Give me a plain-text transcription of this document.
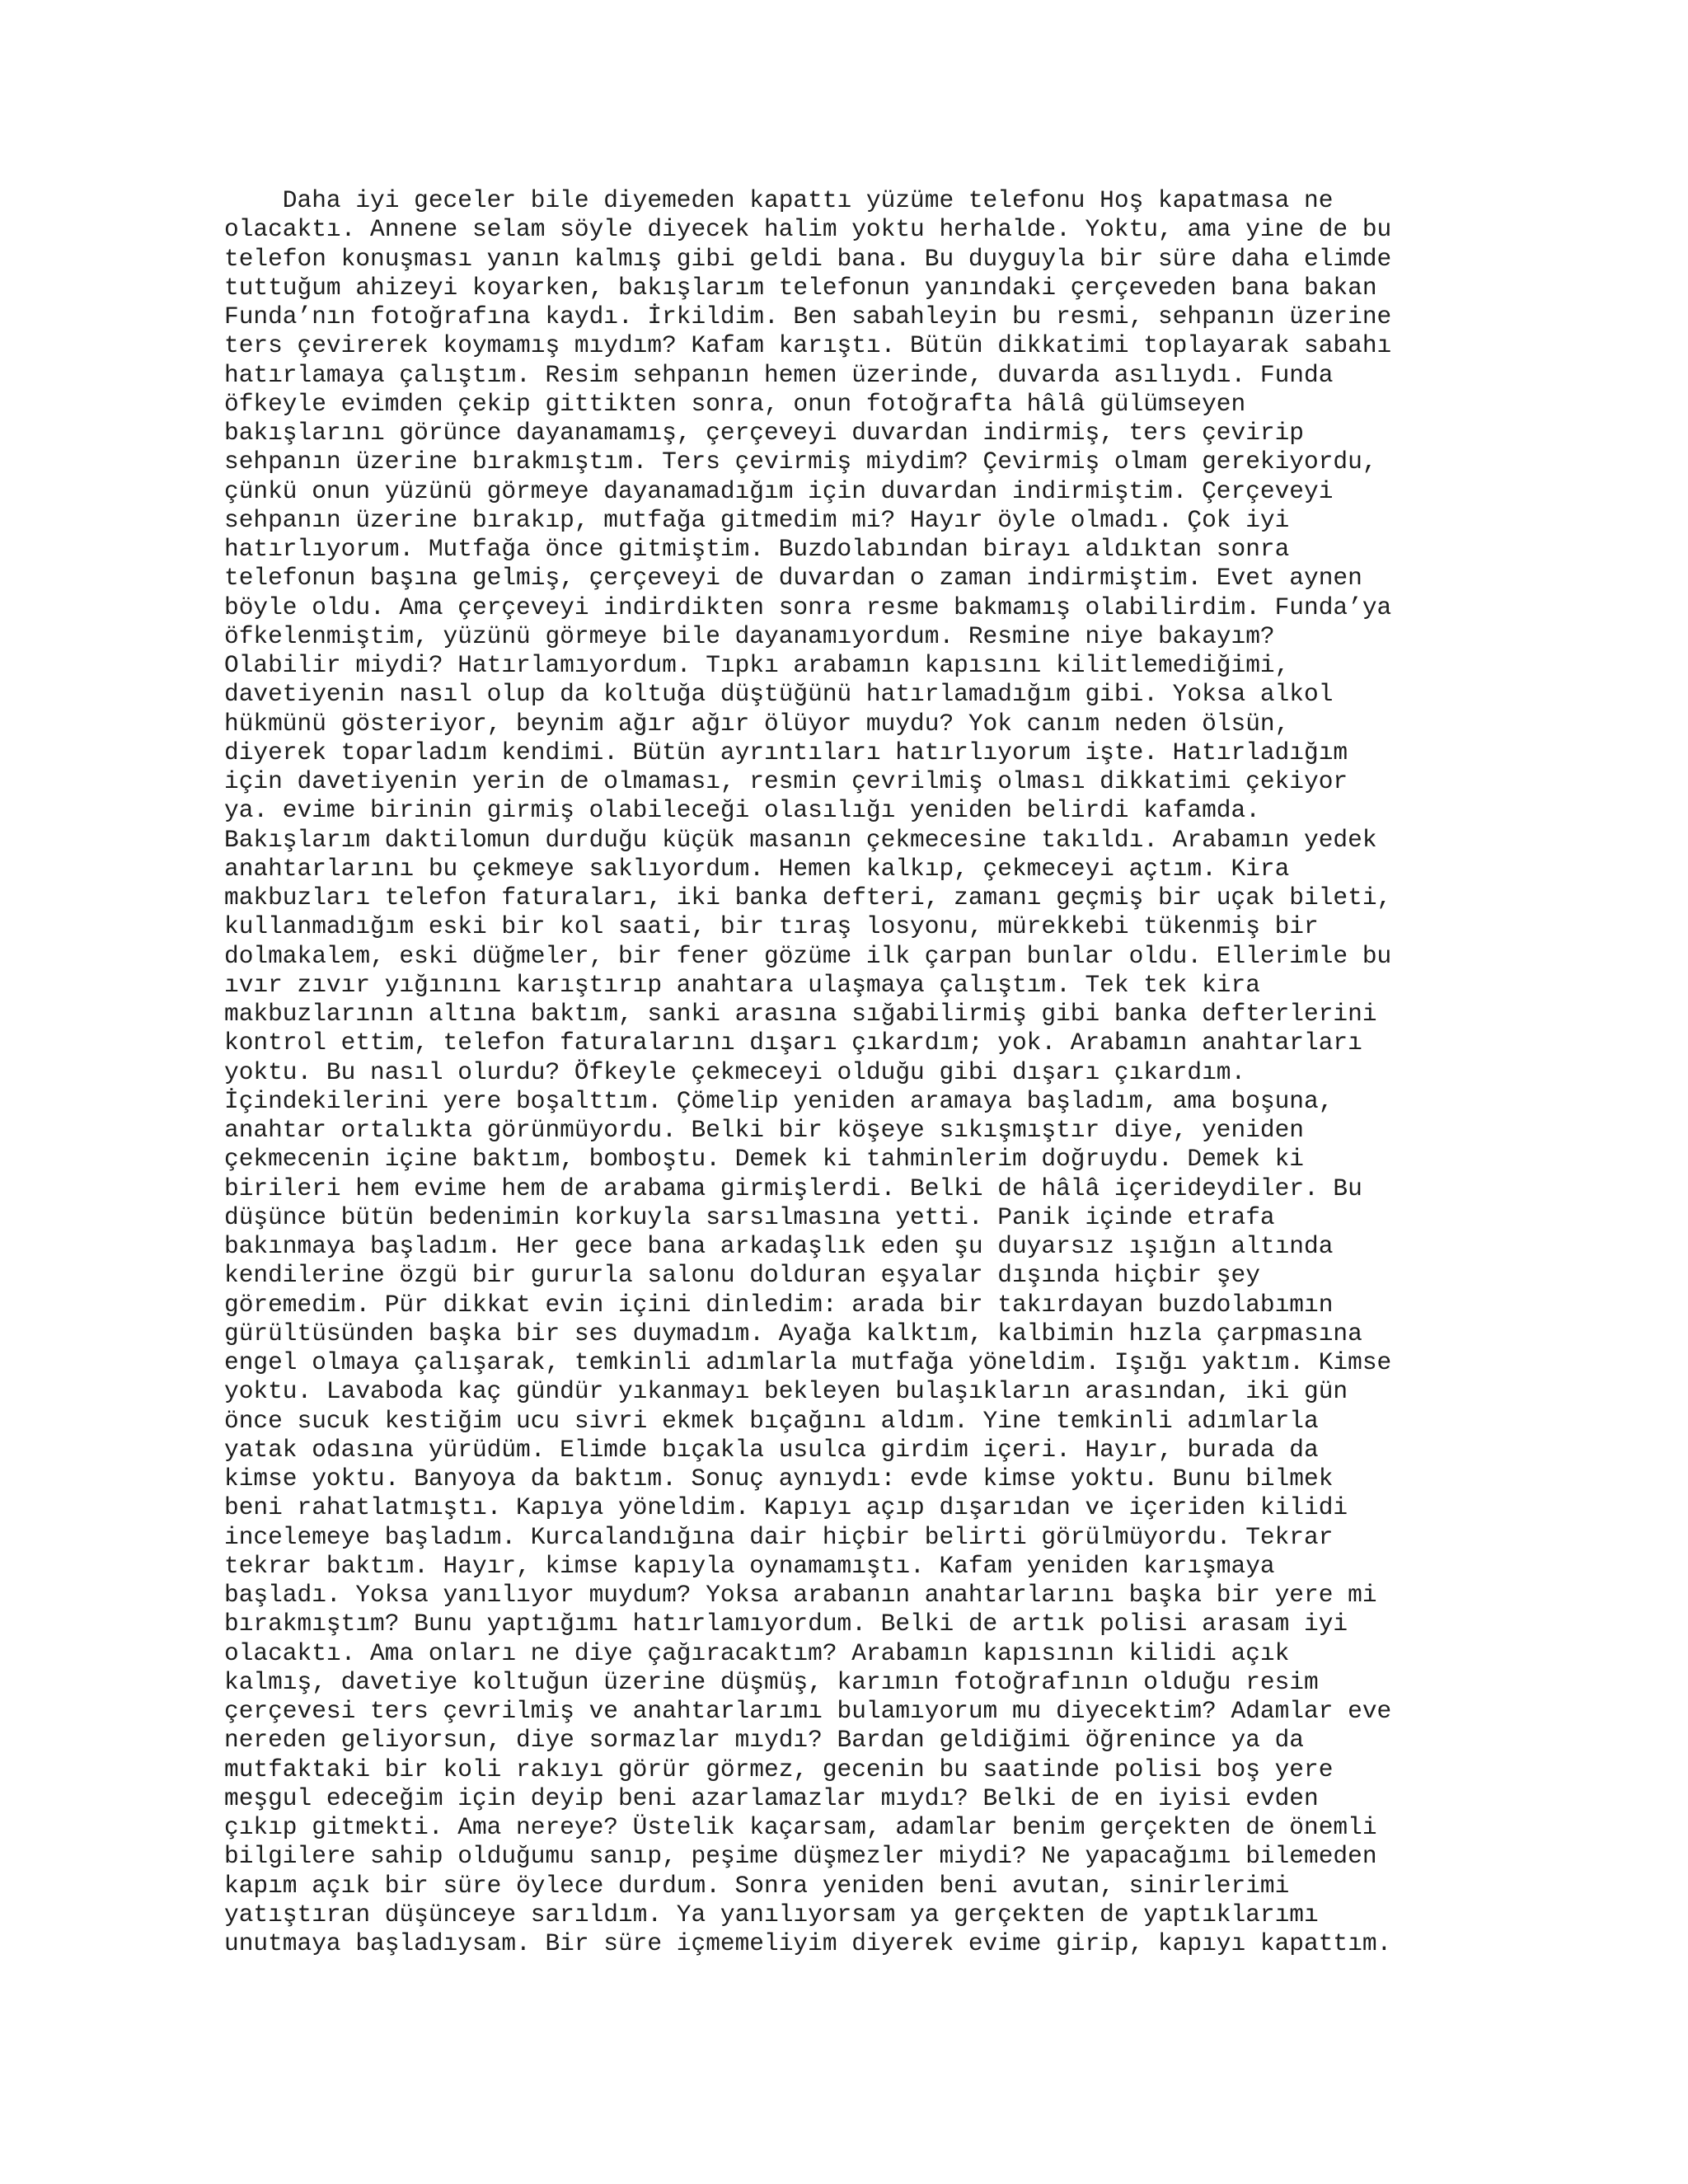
Daha iyi geceler bile diyemeden kapattı yüzüme telefonu Hoş kapatmasa ne
olacaktı. Annene selam söyle diyecek halim yoktu herhalde. Yoktu, ama yine de bu
telefon konuşması yanın kalmış gibi geldi bana. Bu duyguyla bir süre daha elimde
tuttuğum ahizeyi koyarken, bakışlarım telefonun yanındaki çerçeveden bana bakan
Funda’nın fotoğrafına kaydı. İrkildim. Ben sabahleyin bu resmi, sehpanın üzerine
ters çevirerek koymamış mıydım? Kafam karıştı. Bütün dikkatimi toplayarak sabahı
hatırlamaya çalıştım. Resim sehpanın hemen üzerinde, duvarda asılıydı. Funda
öfkeyle evimden çekip gittikten sonra, onun fotoğrafta hâlâ gülümseyen
bakışlarını görünce dayanamamış, çerçeveyi duvardan indirmiş, ters çevirip
sehpanın üzerine bırakmıştım. Ters çevirmiş miydim? Çevirmiş olmam gerekiyordu,
çünkü onun yüzünü görmeye dayanamadığım için duvardan indirmiştim. Çerçeveyi
sehpanın üzerine bırakıp, mutfağa gitmedim mi? Hayır öyle olmadı. Çok iyi
hatırlıyorum. Mutfağa önce gitmiştim. Buzdolabından birayı aldıktan sonra
telefonun başına gelmiş, çerçeveyi de duvardan o zaman indirmiştim. Evet aynen
böyle oldu. Ama çerçeveyi indirdikten sonra resme bakmamış olabilirdim. Funda’ya
öfkelenmiştim, yüzünü görmeye bile dayanamıyordum. Resmine niye bakayım?
Olabilir miydi? Hatırlamıyordum. Tıpkı arabamın kapısını kilitlemediğimi,
davetiyenin nasıl olup da koltuğa düştüğünü hatırlamadığım gibi. Yoksa alkol
hükmünü gösteriyor, beynim ağır ağır ölüyor muydu? Yok canım neden ölsün,
diyerek toparladım kendimi. Bütün ayrıntıları hatırlıyorum işte. Hatırladığım
için davetiyenin yerin de olmaması, resmin çevrilmiş olması dikkatimi çekiyor
ya. evime birinin girmiş olabileceği olasılığı yeniden belirdi kafamda.
Bakışlarım daktilomun durduğu küçük masanın çekmecesine takıldı. Arabamın yedek
anahtarlarını bu çekmeye saklıyordum. Hemen kalkıp, çekmeceyi açtım. Kira
makbuzları telefon faturaları, iki banka defteri, zamanı geçmiş bir uçak bileti,
kullanmadığım eski bir kol saati, bir tıraş losyonu, mürekkebi tükenmiş bir
dolmakalem, eski düğmeler, bir fener gözüme ilk çarpan bunlar oldu. Ellerimle bu
ıvır zıvır yığınını karıştırıp anahtara ulaşmaya çalıştım. Tek tek kira
makbuzlarının altına baktım, sanki arasına sığabilirmiş gibi banka defterlerini
kontrol ettim, telefon faturalarını dışarı çıkardım; yok. Arabamın anahtarları
yoktu. Bu nasıl olurdu? Öfkeyle çekmeceyi olduğu gibi dışarı çıkardım.
İçindekilerini yere boşalttım. Çömelip yeniden aramaya başladım, ama boşuna,
anahtar ortalıkta görünmüyordu. Belki bir köşeye sıkışmıştır diye, yeniden
çekmecenin içine baktım, bomboştu. Demek ki tahminlerim doğruydu. Demek ki
birileri hem evime hem de arabama girmişlerdi. Belki de hâlâ içerideydiler. Bu
düşünce bütün bedenimin korkuyla sarsılmasına yetti. Panik içinde etrafa
bakınmaya başladım. Her gece bana arkadaşlık eden şu duyarsız ışığın altında
kendilerine özgü bir gururla salonu dolduran eşyalar dışında hiçbir şey
göremedim. Pür dikkat evin içini dinledim: arada bir takırdayan buzdolabımın
gürültüsünden başka bir ses duymadım. Ayağa kalktım, kalbimin hızla çarpmasına
engel olmaya çalışarak, temkinli adımlarla mutfağa yöneldim. Işığı yaktım. Kimse
yoktu. Lavaboda kaç gündür yıkanmayı bekleyen bulaşıkların arasından, iki gün
önce sucuk kestiğim ucu sivri ekmek bıçağını aldım. Yine temkinli adımlarla
yatak odasına yürüdüm. Elimde bıçakla usulca girdim içeri. Hayır, burada da
kimse yoktu. Banyoya da baktım. Sonuç aynıydı: evde kimse yoktu. Bunu bilmek
beni rahatlatmıştı. Kapıya yöneldim. Kapıyı açıp dışarıdan ve içeriden kilidi
incelemeye başladım. Kurcalandığına dair hiçbir belirti görülmüyordu. Tekrar
tekrar baktım. Hayır, kimse kapıyla oynamamıştı. Kafam yeniden karışmaya
başladı. Yoksa yanılıyor muydum? Yoksa arabanın anahtarlarını başka bir yere mi
bırakmıştım? Bunu yaptığımı hatırlamıyordum. Belki de artık polisi arasam iyi
olacaktı. Ama onları ne diye çağıracaktım? Arabamın kapısının kilidi açık
kalmış, davetiye koltuğun üzerine düşmüş, karımın fotoğrafının olduğu resim
çerçevesi ters çevrilmiş ve anahtarlarımı bulamıyorum mu diyecektim? Adamlar eve
nereden geliyorsun, diye sormazlar mıydı? Bardan geldiğimi öğrenince ya da
mutfaktaki bir koli rakıyı görür görmez, gecenin bu saatinde polisi boş yere
meşgul edeceğim için deyip beni azarlamazlar mıydı? Belki de en iyisi evden
çıkıp gitmekti. Ama nereye? Üstelik kaçarsam, adamlar benim gerçekten de önemli
bilgilere sahip olduğumu sanıp, peşime düşmezler miydi? Ne yapacağımı bilemeden
kapım açık bir süre öylece durdum. Sonra yeniden beni avutan, sinirlerimi
yatıştıran düşünceye sarıldım. Ya yanılıyorsam ya gerçekten de yaptıklarımı
unutmaya başladıysam. Bir süre içmemeliyim diyerek evime girip, kapıyı kapattım.
